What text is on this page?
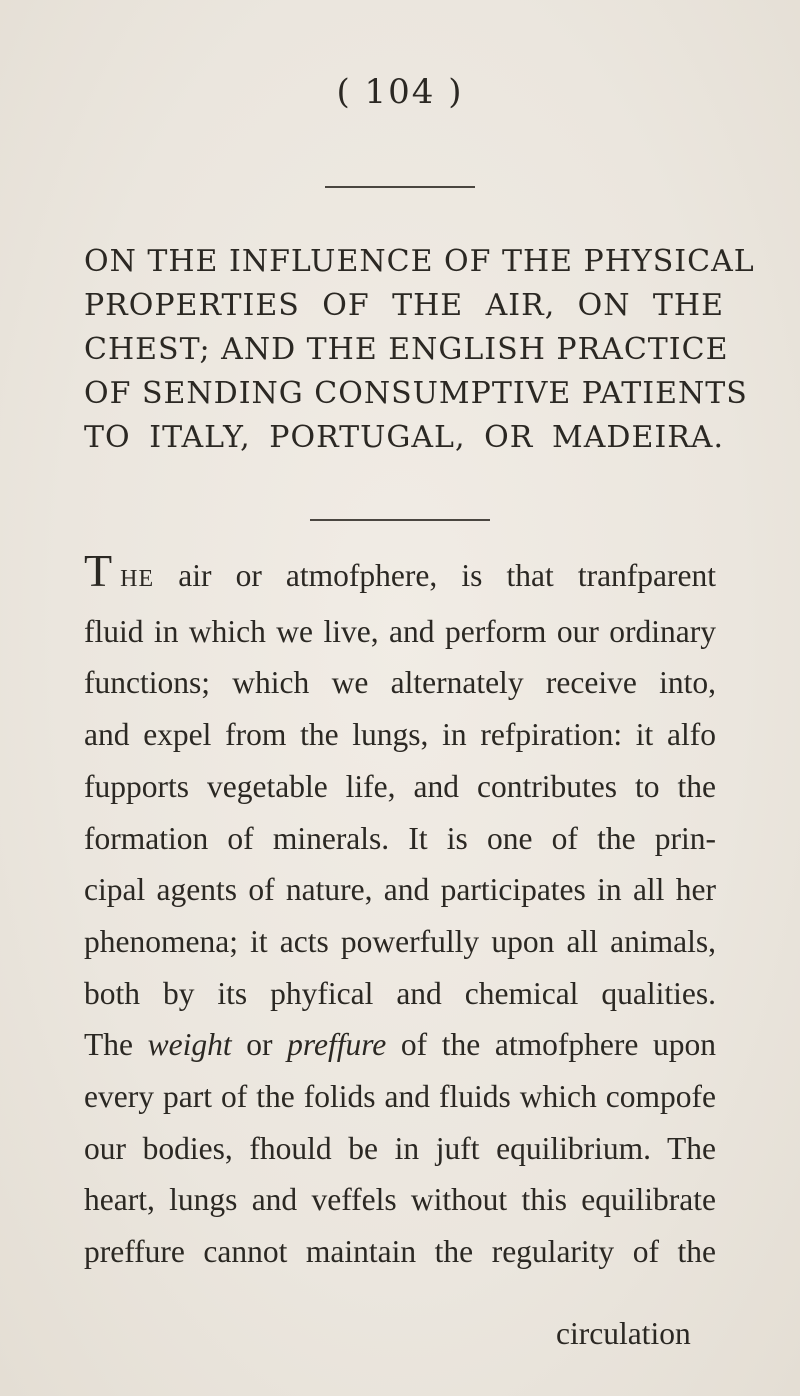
( 104 )
ON THE INFLUENCE OF THE PHYSICAL
PROPERTIES OF THE AIR, ON THE
CHEST; AND THE ENGLISH PRACTICE
OF SENDING CONSUMPTIVE PATIENTS
TO ITALY, PORTUGAL, OR MADEIRA.
THE air or atmofphere, is that tranfparent
fluid in which we live, and perform our ordinary
functions; which we alternately receive into,
and expel from the lungs, in refpiration: it alfo
fupports vegetable life, and contributes to the
formation of minerals. It is one of the prin-
cipal agents of nature, and participates in all her
phenomena; it acts powerfully upon all animals,
both by its phyfical and chemical qualities.
The weight or preffure of the atmofphere upon
every part of the folids and fluids which compofe
our bodies, fhould be in juft equilibrium. The
heart, lungs and veffels without this equilibrate
preffure cannot maintain the regularity of the
circulation
